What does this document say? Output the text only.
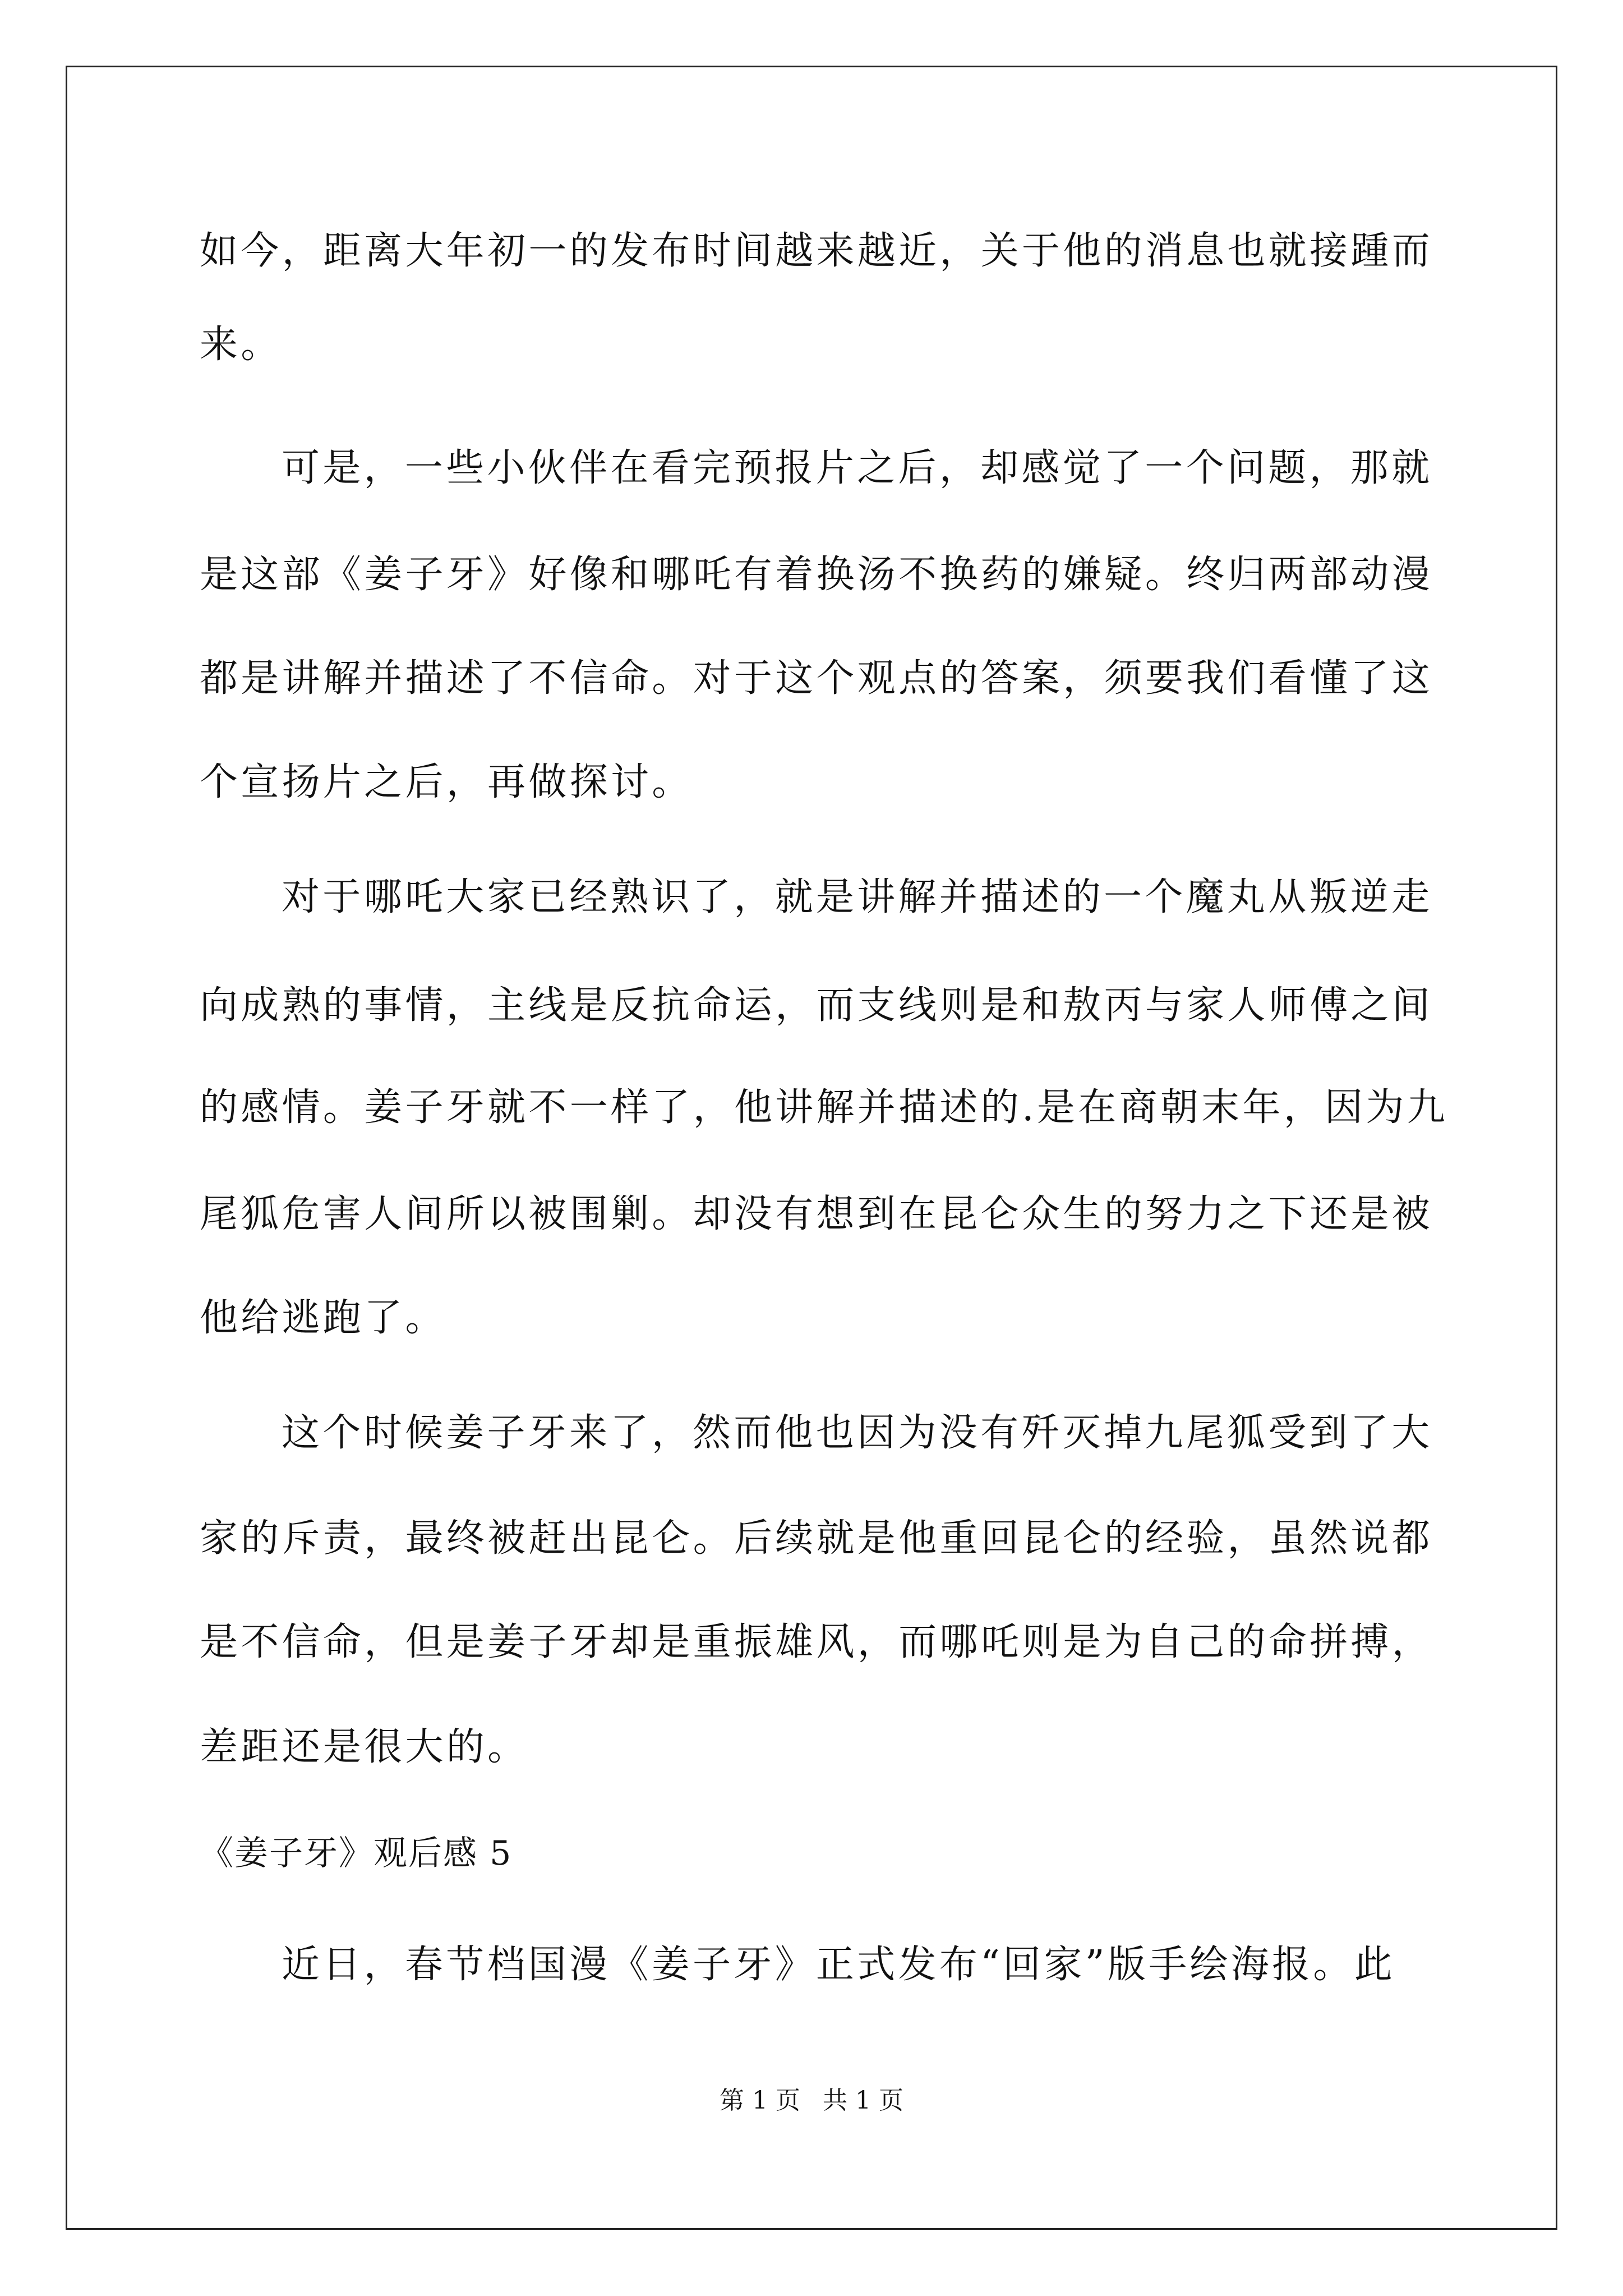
如今，距离大年初一的发布时间越来越近，关于他的消息也就接踵而
来。
可是，一些小伙伴在看完预报片之后，却感觉了一个问题，那就
是这部《姜子牙》好像和哪吒有着换汤不换药的嫌疑。终归两部动漫
都是讲解并描述了不信命。对于这个观点的答案，须要我们看懂了这
个宣扬片之后，再做探讨。
对于哪吒大家已经熟识了，就是讲解并描述的一个魔丸从叛逆走
向成熟的事情，主线是反抗命运，而支线则是和敖丙与家人师傅之间
的感情。姜子牙就不一样了，他讲解并描述的.是在商朝末年，因为九
尾狐危害人间所以被围剿。却没有想到在昆仑众生的努力之下还是被
他给逃跑了。
这个时候姜子牙来了，然而他也因为没有歼灭掉九尾狐受到了大
家的斥责，最终被赶出昆仑。后续就是他重回昆仑的经验，虽然说都
是不信命，但是姜子牙却是重振雄风，而哪吒则是为自己的命拼搏，
差距还是很大的。
《姜子牙》观后感 5
近日，春节档国漫《姜子牙》正式发布“回家”版手绘海报。此
第 1 页 共 1 页
